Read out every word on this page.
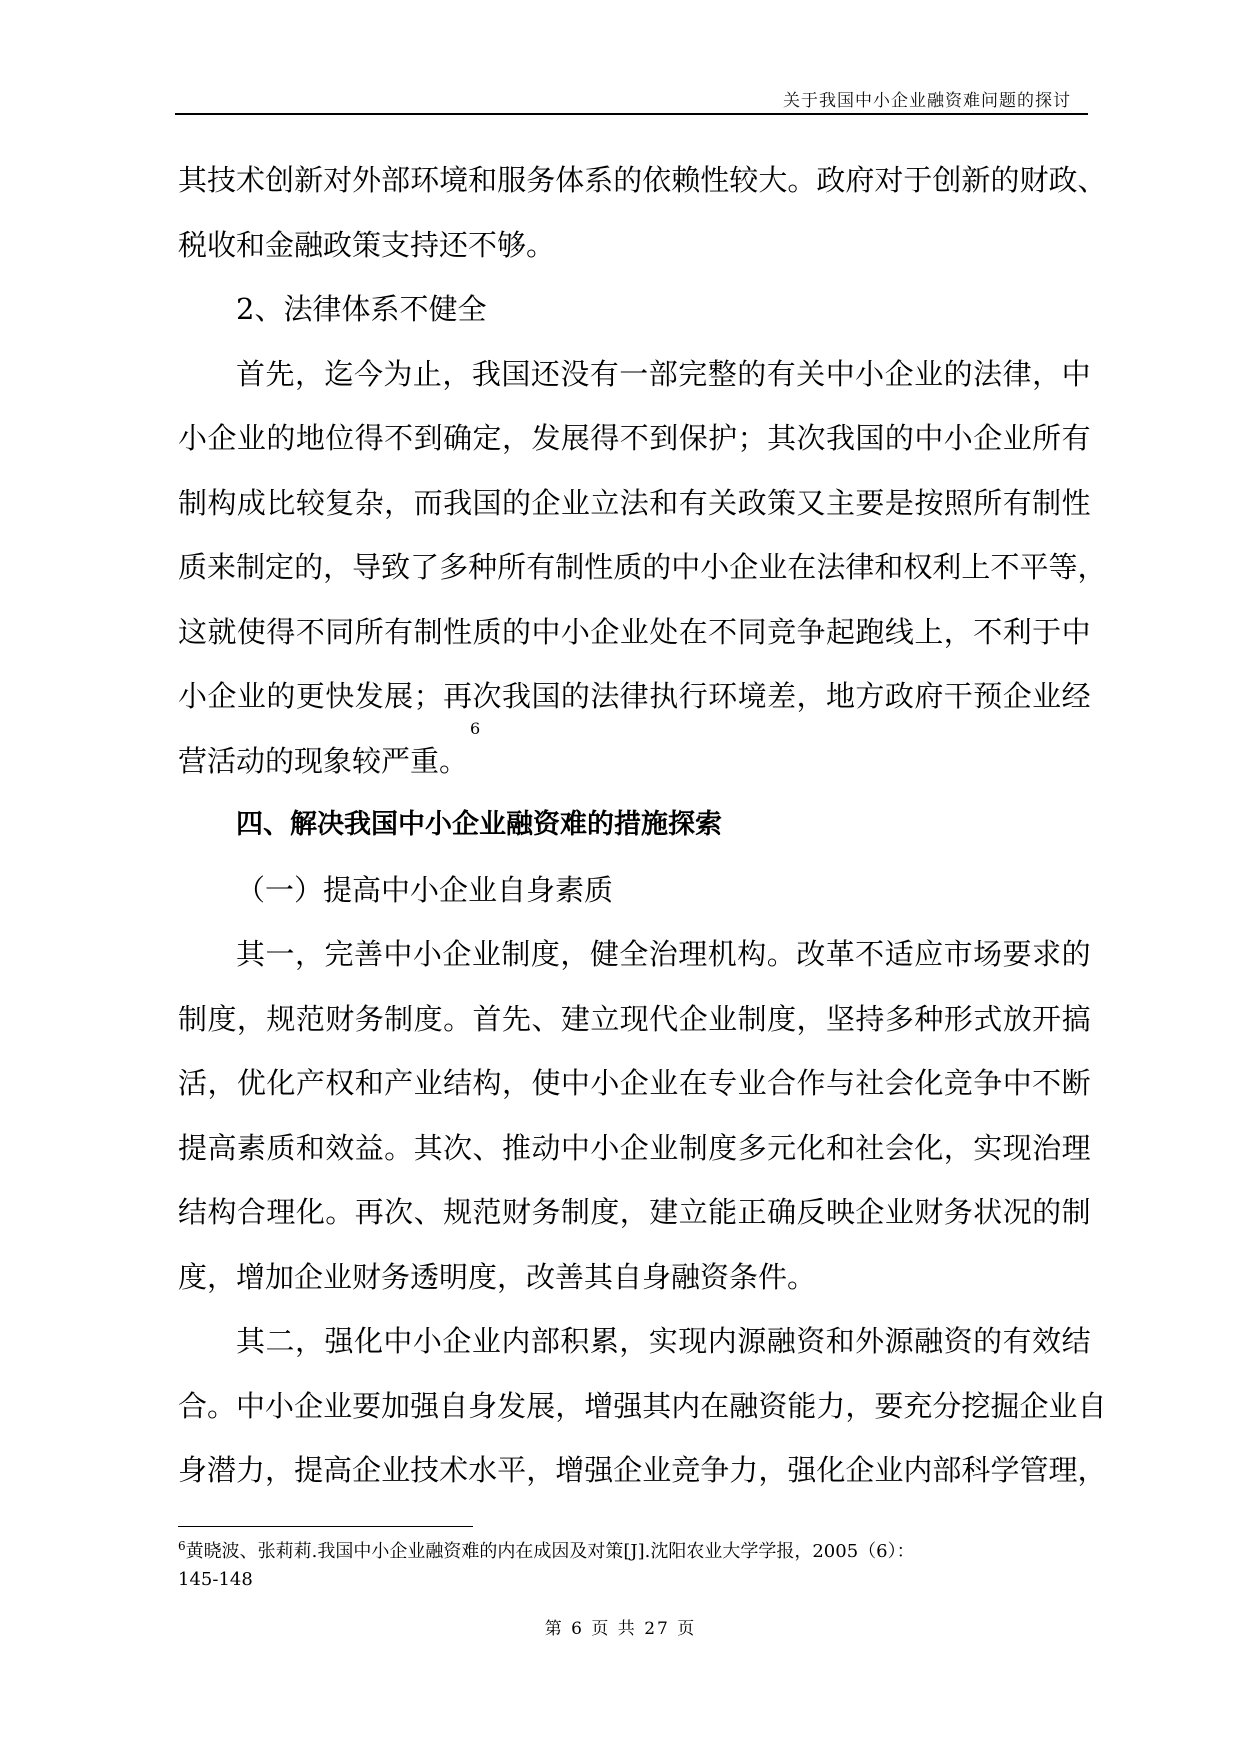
关于我国中小企业融资难问题的探讨
其 技 术 创 新 对 外 部 环 境 和 服 务 体 系 的 依 赖 性 较 大 。 政 府 对 于 创 新 的 财 政 、
税收和金融政策支持还不够。
2、法律体系不健全
首 先 ， 迄 今 为 止 ， 我 国 还 没 有 一 部 完 整 的 有 关 中 小 企 业 的 法 律 ， 中
小 企 业 的 地 位 得 不 到 确 定 ， 发 展 得 不 到 保 护 ； 其 次 我 国 的 中 小 企 业 所 有
制 构 成 比 较 复 杂 ， 而 我 国 的 企 业 立 法 和 有 关 政 策 又 主 要 是 按 照 所 有 制 性
质 来 制 定 的 ， 导 致 了 多 种 所 有 制 性 质 的 中 小 企 业 在 法 律 和 权 利 上 不 平 等 ，
这 就 使 得 不 同 所 有 制 性 质 的 中 小 企 业 处 在 不 同 竞 争 起 跑 线 上 ， 不 利 于 中
小 企 业 的 更 快 发 展 ； 再 次 我 国 的 法 律 执 行 环 境 差 ， 地 方 政 府 干 预 企 业 经
营活动的现象较严重。
6
四、解决我国中小企业融资难的措施探索
（一）提高中小企业自身素质
其 一 ， 完 善 中 小 企 业 制 度 ， 健 全 治 理 机 构 。 改 革 不 适 应 市 场 要 求 的
制 度 ， 规 范 财 务 制 度 。 首 先 、 建 立 现 代 企 业 制 度 ， 坚 持 多 种 形 式 放 开 搞
活 ， 优 化 产 权 和 产 业 结 构 ， 使 中 小 企 业 在 专 业 合 作 与 社 会 化 竞 争 中 不 断
提 高 素 质 和 效 益 。 其 次 、 推 动 中 小 企 业 制 度 多 元 化 和 社 会 化 ， 实 现 治 理
结 构 合 理 化 。 再 次 、 规 范 财 务 制 度 ， 建 立 能 正 确 反 映 企 业 财 务 状 况 的 制
度，增加企业财务透明度，改善其自身融资条件。
其 二 ， 强 化 中 小 企 业 内 部 积 累 ， 实 现 内 源 融 资 和 外 源 融 资 的 有 效 结
合 。 中 小 企 业 要 加 强 自 身 发 展 ， 增 强 其 内 在 融 资 能 力 ， 要 充 分 挖 掘 企 业 自
身 潜 力 ， 提 高 企 业 技 术 水 平 ， 增 强 企 业 竞 争 力 ， 强 化 企 业 内 部 科 学 管 理 ，
$^6$黄晓波、张莉莉.我国中小企业融资难的内在成因及对策[J].沈阳农业大学学报，2005（6）：
145-148
第 6 页 共 27 页
